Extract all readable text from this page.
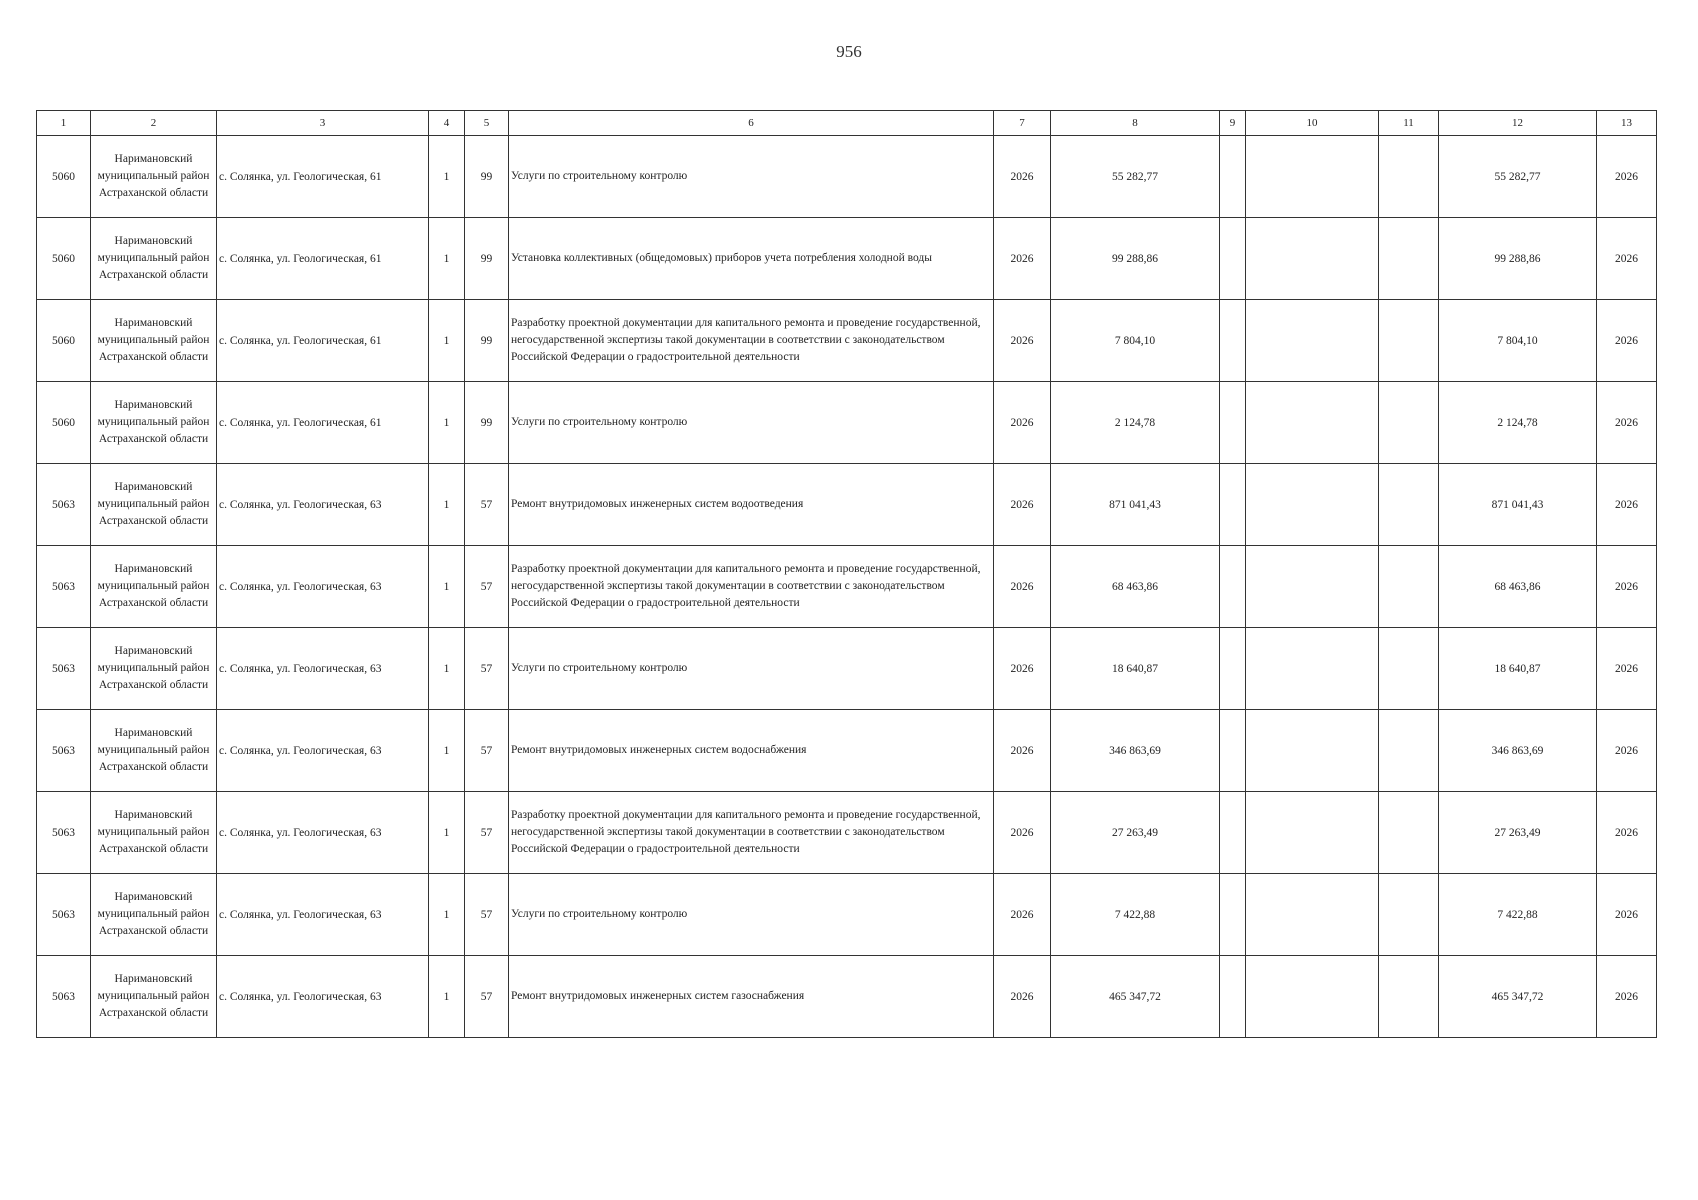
956
1	2	3	4	5	6	7	8	9	10	11	12	13
5060	Наримановский муниципальный район Астраханской области	с. Солянка, ул. Геологическая, 61	1	99	Услуги по строительному контролю	2026	55 282,77				55 282,77	2026
5060	Наримановский муниципальный район Астраханской области	с. Солянка, ул. Геологическая, 61	1	99	Установка коллективных (общедомовых) приборов учета потребления холодной воды	2026	99 288,86				99 288,86	2026
5060	Наримановский муниципальный район Астраханской области	с. Солянка, ул. Геологическая, 61	1	99	Разработку проектной документации для капитального ремонта и проведение государственной, негосударственной экспертизы такой документации в соответствии с законодательством Российской Федерации о градостроительной деятельности	2026	7 804,10				7 804,10	2026
5060	Наримановский муниципальный район Астраханской области	с. Солянка, ул. Геологическая, 61	1	99	Услуги по строительному контролю	2026	2 124,78				2 124,78	2026
5063	Наримановский муниципальный район Астраханской области	с. Солянка, ул. Геологическая, 63	1	57	Ремонт внутридомовых инженерных систем водоотведения	2026	871 041,43				871 041,43	2026
5063	Наримановский муниципальный район Астраханской области	с. Солянка, ул. Геологическая, 63	1	57	Разработку проектной документации для капитального ремонта и проведение государственной, негосударственной экспертизы такой документации в соответствии с законодательством Российской Федерации о градостроительной деятельности	2026	68 463,86				68 463,86	2026
5063	Наримановский муниципальный район Астраханской области	с. Солянка, ул. Геологическая, 63	1	57	Услуги по строительному контролю	2026	18 640,87				18 640,87	2026
5063	Наримановский муниципальный район Астраханской области	с. Солянка, ул. Геологическая, 63	1	57	Ремонт внутридомовых инженерных систем водоснабжения	2026	346 863,69				346 863,69	2026
5063	Наримановский муниципальный район Астраханской области	с. Солянка, ул. Геологическая, 63	1	57	Разработку проектной документации для капитального ремонта и проведение государственной, негосударственной экспертизы такой документации в соответствии с законодательством Российской Федерации о градостроительной деятельности	2026	27 263,49				27 263,49	2026
5063	Наримановский муниципальный район Астраханской области	с. Солянка, ул. Геологическая, 63	1	57	Услуги по строительному контролю	2026	7 422,88				7 422,88	2026
5063	Наримановский муниципальный район Астраханской области	с. Солянка, ул. Геологическая, 63	1	57	Ремонт внутридомовых инженерных систем газоснабжения	2026	465 347,72				465 347,72	2026
